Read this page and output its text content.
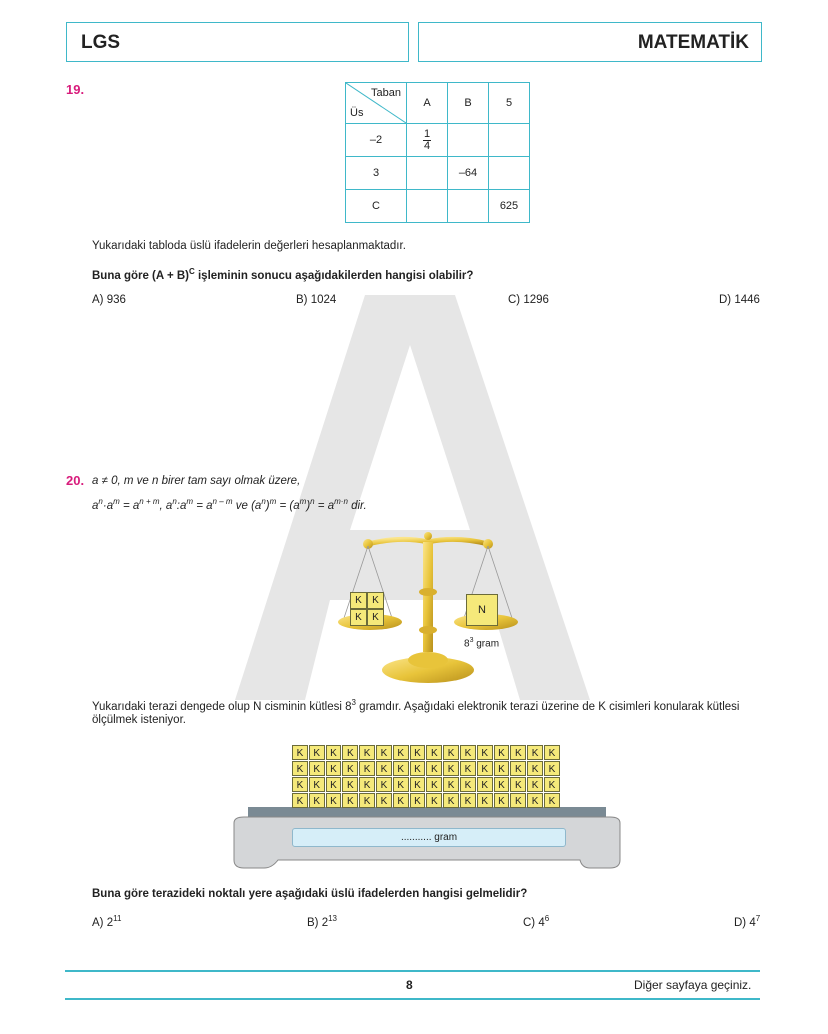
LGS	MATEMATİK
19.	Taban
Üs	A	B	5
–2	$\frac{1}{4}$

3		–64	
C			625
Yukarıdaki tabloda üslü ifadelerin değerleri hesaplanmaktadır.
Buna göre $(A + B)^C$ işleminin sonucu aşağıdakilerden hangisi olabilir?
A) 936	B) 1024	C) 1296	D) 1446
20. a ≠ 0, m ve n birer tam sayı olmak üzere,
$a^n\cdot a^m = a^{n + m}$, $a^n:a^m = a^{n - m}$ ve $(a^n)^m = (a^m)^n = a^{m\cdot n}$ dir.
K	K
K	K
N
$8^3$ gram
Yukarıdaki terazi dengede olup N cisminin kütlesi $8^3$ gramdır. Aşağıdaki elektronik terazi üzerine de K cisimleri konularak kütlesi
ölçülmek isteniyor.
........... gram
K	K	K	K	K	K	K	K	K	K	K	K	K	K	K	K
K	K	K	K	K	K	K	K	K	K	K	K	K	K	K	K
K	K	K	K	K	K	K	K	K	K	K	K	K	K	K	K
K	K	K	K	K	K	K	K	K	K	K	K	K	K	K	K
Buna göre terazideki noktalı yere aşağıdaki üslü ifadelerden hangisi gelmelidir?
A) $2^{11}$	B) $2^{13}$	C) $4^6$	D) $4^7$
8	Diğer sayfaya geçiniz.
